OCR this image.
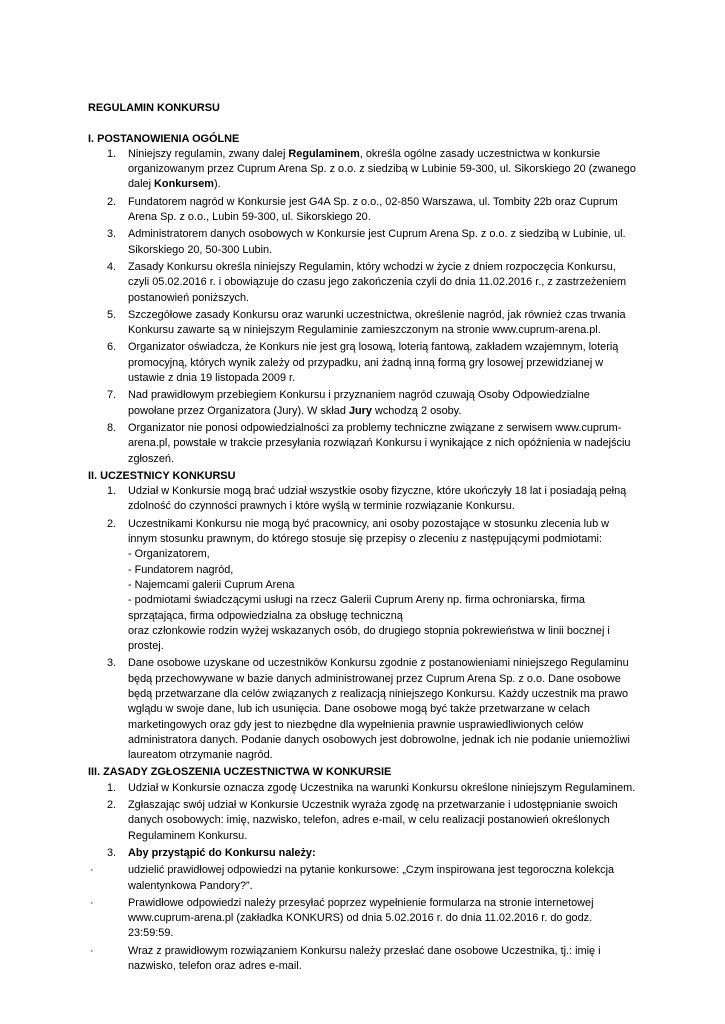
REGULAMIN KONKURSU
I. POSTANOWIENIA OGÓLNE
1. Niniejszy regulamin, zwany dalej Regulaminem, określa ogólne zasady uczestnictwa w konkursie organizowanym przez Cuprum Arena Sp. z o.o. z siedzibą w Lubinie 59-300, ul. Sikorskiego 20 (zwanego dalej Konkursem).
2. Fundatorem nagród w Konkursie jest G4A Sp. z o.o., 02-850 Warszawa, ul. Tombity 22b oraz Cuprum Arena Sp. z o.o., Lubin 59-300, ul. Sikorskiego 20.
3. Administratorem danych osobowych w Konkursie jest Cuprum Arena Sp. z o.o. z siedzibą w Lubinie, ul. Sikorskiego 20, 50-300 Lubin.
4. Zasady Konkursu określa niniejszy Regulamin, który wchodzi w życie z dniem rozpoczęcia Konkursu, czyli 05.02.2016 r. i obowiązuje do czasu jego zakończenia czyli do dnia 11.02.2016 r., z zastrzeżeniem postanowień poniższych.
5. Szczegółowe zasady Konkursu oraz warunki uczestnictwa, określenie nagród, jak również czas trwania Konkursu zawarte są w niniejszym Regulaminie zamieszczonym na stronie www.cuprum-arena.pl.
6. Organizator oświadcza, że Konkurs nie jest grą losową, loterią fantową, zakładem wzajemnym, loterią promocyjną, których wynik zależy od przypadku, ani żadną inną formą gry losowej przewidzianej w ustawie z dnia 19 listopada 2009 r.
7. Nad prawidłowym przebiegiem Konkursu i przyznaniem nagród czuwają Osoby Odpowiedzialne powołane przez Organizatora (Jury). W skład Jury wchodzą 2 osoby.
8. Organizator nie ponosi odpowiedzialności za problemy techniczne związane z serwisem www.cuprum-arena.pl, powstałe w trakcie przesyłania rozwiązań Konkursu i wynikające z nich opóźnienia w nadejściu zgłoszeń.
II. UCZESTNICY KONKURSU
1. Udział w Konkursie mogą brać udział wszystkie osoby fizyczne, które ukończyły 18 lat i posiadają pełną zdolność do czynności prawnych i które wyślą w terminie rozwiązanie Konkursu.
2. Uczestnikami Konkursu nie mogą być pracownicy, ani osoby pozostające w stosunku zlecenia lub w innym stosunku prawnym, do którego stosuje się przepisy o zleceniu z następującymi podmiotami:
- Organizatorem,
- Fundatorem nagród,
- Najemcami galerii Cuprum Arena
- podmiotami świadczącymi usługi na rzecz Galerii Cuprum Areny np. firma ochroniarska, firma sprzątająca, firma odpowiedzialna za obsługę techniczną
oraz członkowie rodzin wyżej wskazanych osób, do drugiego stopnia pokrewieństwa w linii bocznej i prostej.
3. Dane osobowe uzyskane od uczestników Konkursu zgodnie z postanowieniami niniejszego Regulaminu będą przechowywane w bazie danych administrowanej przez Cuprum Arena Sp. z o.o. Dane osobowe będą przetwarzane dla celów związanych z realizacją niniejszego Konkursu. Każdy uczestnik ma prawo wglądu w swoje dane, lub ich usunięcia. Dane osobowe mogą być także przetwarzane w celach marketingowych oraz gdy jest to niezbędne dla wypełnienia prawnie usprawiedliwionych celów administratora danych. Podanie danych osobowych jest dobrowolne, jednak ich nie podanie uniemożliwi laureatom otrzymanie nagród.
III. ZASADY ZGŁOSZENIA UCZESTNICTWA W KONKURSIE
1. Udział w Konkursie oznacza zgodę Uczestnika na warunki Konkursu określone niniejszym Regulaminem.
2. Zgłaszając swój udział w Konkursie Uczestnik wyraża zgodę na przetwarzanie i udostępnianie swoich danych osobowych: imię, nazwisko, telefon, adres e-mail, w celu realizacji postanowień określonych Regulaminem Konkursu.
3. Aby przystąpić do Konkursu należy:
·	udzielić prawidłowej odpowiedzi na pytanie konkursowe: „Czym inspirowana jest tegoroczna kolekcja walentynkowa Pandory?”.
·	Prawidłowe odpowiedzi należy przesyłać poprzez wypełnienie formularza na stronie internetowej www.cuprum-arena.pl (zakładka KONKURS) od dnia 5.02.2016 r. do dnia 11.02.2016 r. do godz. 23:59:59.
·	Wraz z prawidłowym rozwiązaniem Konkursu należy przesłać dane osobowe Uczestnika, tj.: imię i nazwisko, telefon oraz adres e-mail.
